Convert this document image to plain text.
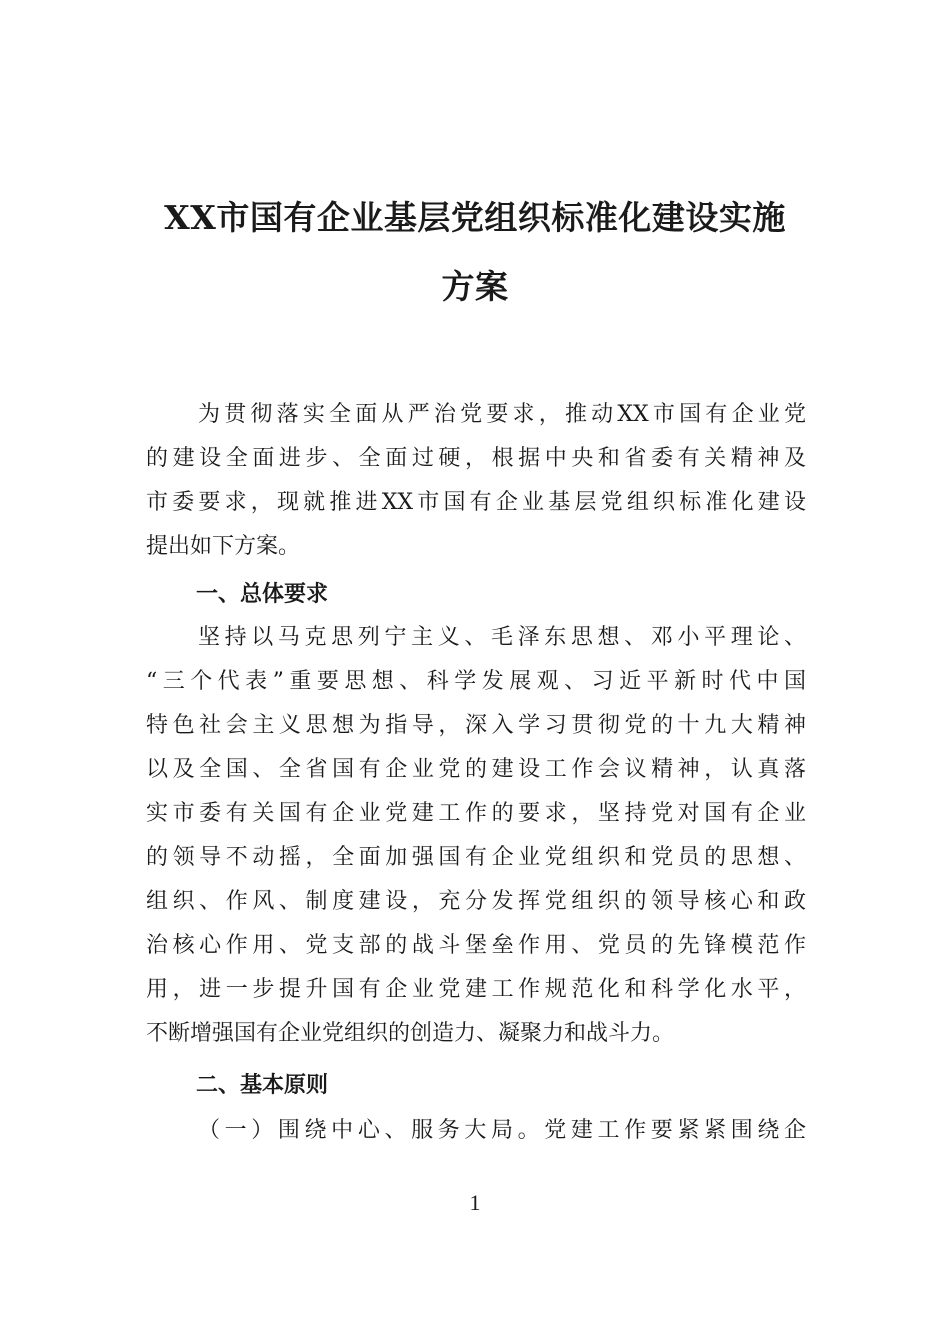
XX市国有企业基层党组织标准化建设实施
方案
为贯彻落实全面从严治党要求，推动XX市国有企业党
的建设全面进步、全面过硬，根据中央和省委有关精神及
市委要求，现就推进XX市国有企业基层党组织标准化建设
提出如下方案。
一、总体要求
坚持以马克思列宁主义、毛泽东思想、邓小平理论、
“三个代表”重要思想、科学发展观、习近平新时代中国
特色社会主义思想为指导，深入学习贯彻党的十九大精神
以及全国、全省国有企业党的建设工作会议精神，认真落
实市委有关国有企业党建工作的要求，坚持党对国有企业
的领导不动摇，全面加强国有企业党组织和党员的思想、
组织、作风、制度建设，充分发挥党组织的领导核心和政
治核心作用、党支部的战斗堡垒作用、党员的先锋模范作
用，进一步提升国有企业党建工作规范化和科学化水平，
不断增强国有企业党组织的创造力、凝聚力和战斗力。
二、基本原则
（一）围绕中心、服务大局。党建工作要紧紧围绕企
1
